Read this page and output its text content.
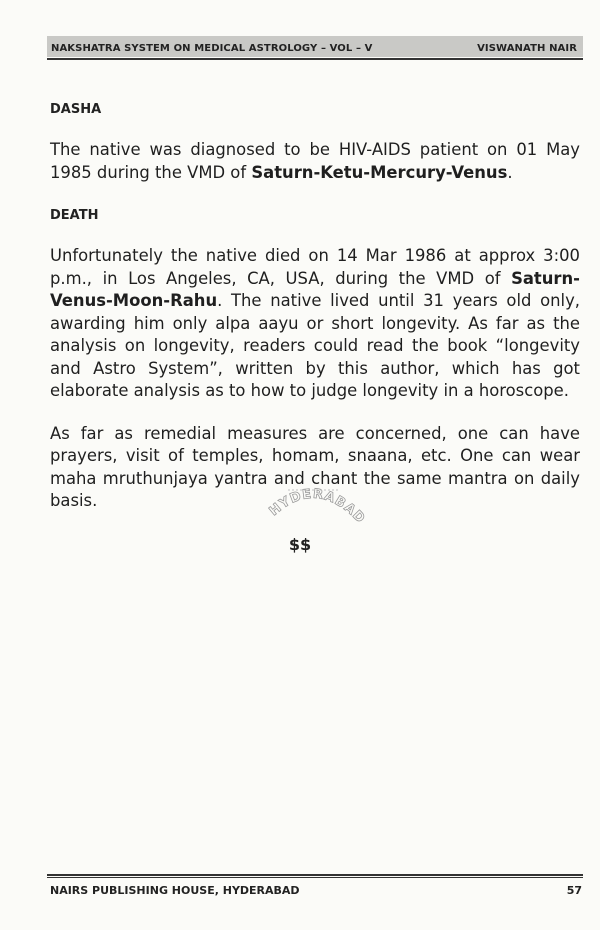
NAKSHATRA SYSTEM ON MEDICAL ASTROLOGY – VOL – V	VISWANATH NAIR

DASHA

The native was diagnosed to be HIV-AIDS patient on 01 May 1985 during the VMD of Saturn-Ketu-Mercury-Venus.

DEATH

Unfortunately the native died on 14 Mar 1986 at approx 3:00 p.m., in Los Angeles, CA, USA, during the VMD of Saturn-Venus-Moon-Rahu. The native lived until 31 years old only, awarding him only alpa aayu or short longevity. As far as the analysis on longevity, readers could read the book “longevity and Astro System”, written by this author, which has got elaborate analysis as to how to judge longevity in a horoscope.

As far as remedial measures are concerned, one can have prayers, visit of temples, homam, snaana, etc. One can wear maha mruthunjaya yantra and chant the same mantra on daily basis.	HYDERABAD
$$
NAIRS PUBLISHING HOUSE, HYDERABAD	57
